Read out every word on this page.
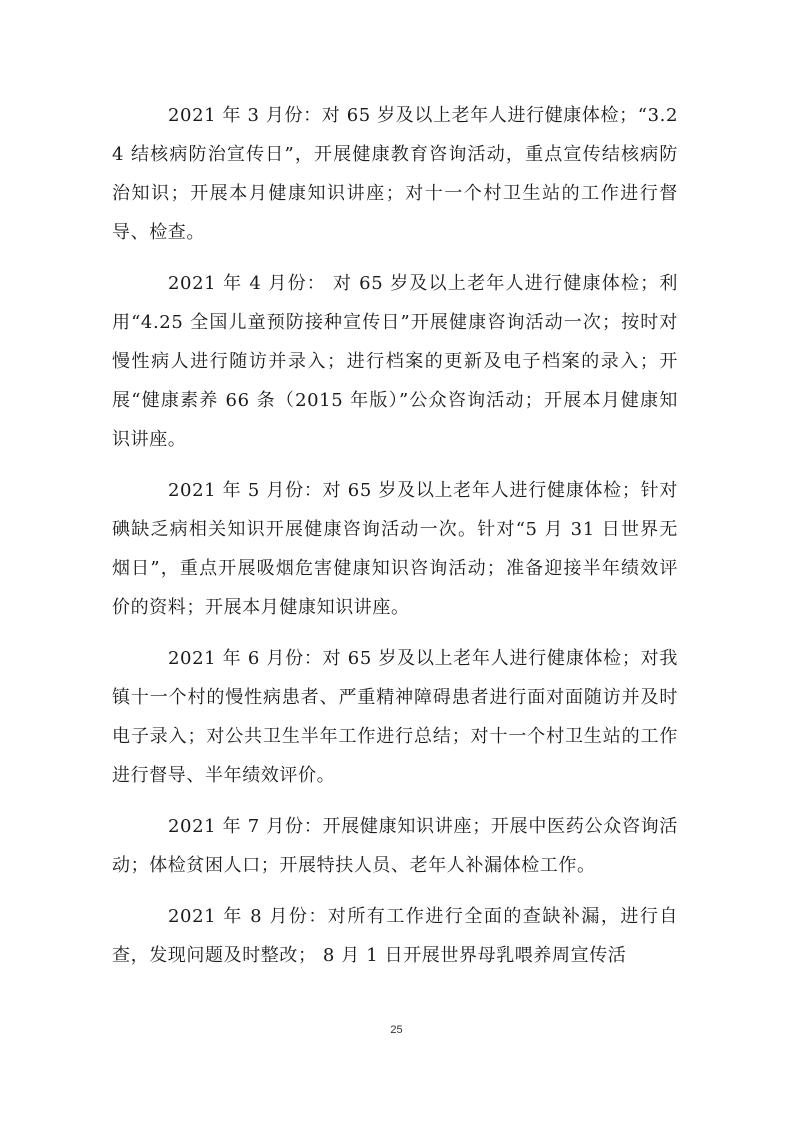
2021 年 3 月份：对 65 岁及以上老年人进行健康体检；“3.24 结核病防治宣传日”，开展健康教育咨询活动，重点宣传结核病防治知识；开展本月健康知识讲座；对十一个村卫生站的工作进行督导、检查。

2021 年 4 月份： 对 65 岁及以上老年人进行健康体检；利用“4.25 全国儿童预防接种宣传日”开展健康咨询活动一次；按时对慢性病人进行随访并录入；进行档案的更新及电子档案的录入；开展“健康素养 66 条（2015 年版）”公众咨询活动；开展本月健康知识讲座。

2021 年 5 月份：对 65 岁及以上老年人进行健康体检；针对碘缺乏病相关知识开展健康咨询活动一次。针对“5 月 31 日世界无烟日”，重点开展吸烟危害健康知识咨询活动；准备迎接半年绩效评价的资料；开展本月健康知识讲座。

2021 年 6 月份：对 65 岁及以上老年人进行健康体检；对我镇十一个村的慢性病患者、严重精神障碍患者进行面对面随访并及时电子录入；对公共卫生半年工作进行总结；对十一个村卫生站的工作进行督导、半年绩效评价。

2021 年 7 月份：开展健康知识讲座；开展中医药公众咨询活动；体检贫困人口；开展特扶人员、老年人补漏体检工作。

2021 年 8 月份：对所有工作进行全面的查缺补漏，进行自查，发现问题及时整改； 8 月 1 日开展世界母乳喂养周宣传活

25
